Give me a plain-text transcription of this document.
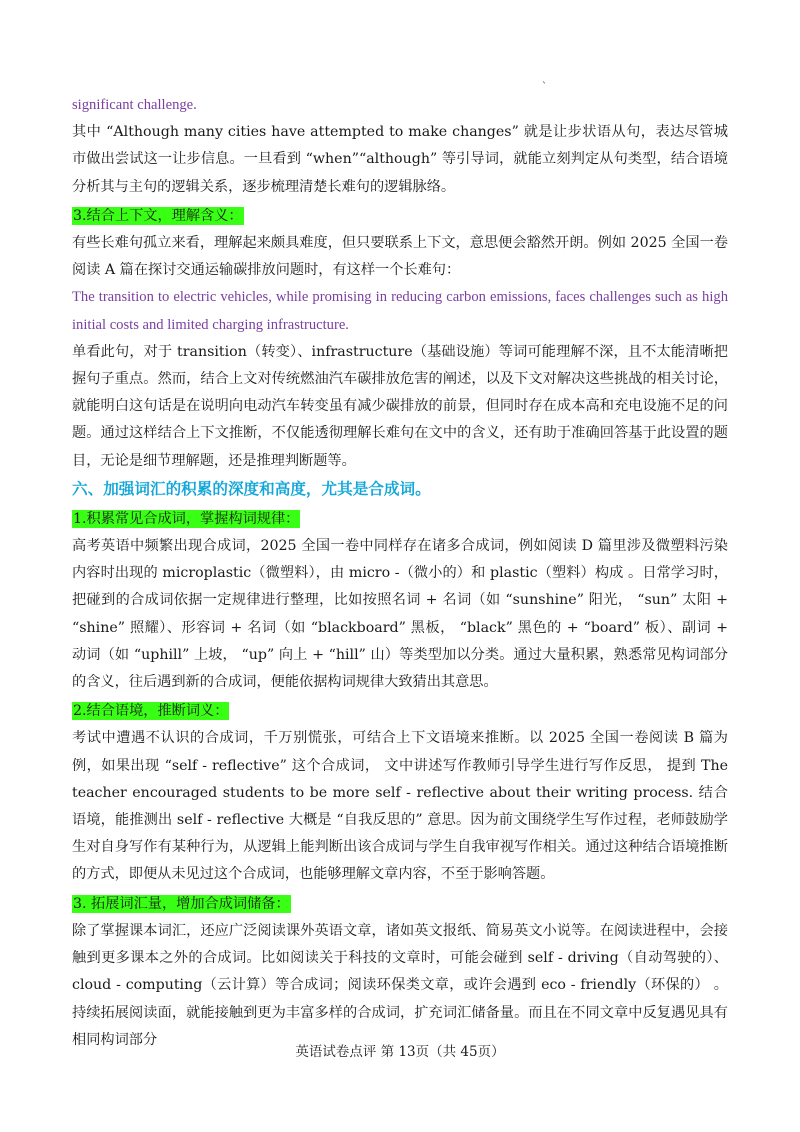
`

significant challenge.

其中 “Although many cities have attempted to make changes” 就是让步状语从句，表达尽管城市做出尝试这一让步信息。一旦看到 “when”“although” 等引导词，就能立刻判定从句类型，结合语境分析其与主句的逻辑关系，逐步梳理清楚长难句的逻辑脉络。

3.结合上下文，理解含义：

有些长难句孤立来看，理解起来颇具难度，但只要联系上下文，意思便会豁然开朗。例如 2025 全国一卷阅读 A 篇在探讨交通运输碳排放问题时，有这样一个长难句：

The transition to electric vehicles, while promising in reducing carbon emissions, faces challenges such as high initial costs and limited charging infrastructure.

单看此句，对于 transition（转变）、infrastructure（基础设施）等词可能理解不深，且不太能清晰把握句子重点。然而，结合上文对传统燃油汽车碳排放危害的阐述，以及下文对解决这些挑战的相关讨论，就能明白这句话是在说明向电动汽车转变虽有减少碳排放的前景，但同时存在成本高和充电设施不足的问题。通过这样结合上下文推断，不仅能透彻理解长难句在文中的含义，还有助于准确回答基于此设置的题目，无论是细节理解题，还是推理判断题等。

六、加强词汇的积累的深度和高度，尤其是合成词。
1.积累常见合成词，掌握构词规律：

高考英语中频繁出现合成词，2025 全国一卷中同样存在诸多合成词，例如阅读 D 篇里涉及微塑料污染内容时出现的 microplastic（微塑料），由 micro -（微小的）和 plastic（塑料）构成 。日常学习时，把碰到的合成词依据一定规律进行整理，比如按照名词 + 名词（如 “sunshine” 阳光， “sun” 太阳 + “shine” 照耀）、形容词 + 名词（如 “blackboard” 黑板， “black” 黑色的 + “board” 板）、副词 + 动词（如 “uphill” 上坡， “up” 向上 + “hill” 山）等类型加以分类。通过大量积累，熟悉常见构词部分的含义，往后遇到新的合成词，便能依据构词规律大致猜出其意思。

2.结合语境，推断词义：

考试中遭遇不认识的合成词，千万别慌张，可结合上下文语境来推断。以 2025 全国一卷阅读 B 篇为例，如果出现 “self - reflective” 这个合成词， 文中讲述写作教师引导学生进行写作反思， 提到 The teacher encouraged students to be more self - reflective about their writing process. 结合语境，能推测出 self - reflective 大概是 “自我反思的” 意思。因为前文围绕学生写作过程，老师鼓励学生对自身写作有某种行为，从逻辑上能判断出该合成词与学生自我审视写作相关。通过这种结合语境推断的方式，即便从未见过这个合成词，也能够理解文章内容，不至于影响答题。

3. 拓展词汇量，增加合成词储备：

除了掌握课本词汇，还应广泛阅读课外英语文章，诸如英文报纸、简易英文小说等。在阅读进程中，会接触到更多课本之外的合成词。比如阅读关于科技的文章时，可能会碰到 self - driving（自动驾驶的）、cloud - computing（云计算）等合成词；阅读环保类文章，或许会遇到 eco - friendly（环保的） 。持续拓展阅读面，就能接触到更为丰富多样的合成词，扩充词汇储备量。而且在不同文章中反复遇见具有相同构词部分

英语试卷点评 第 13页（共 45页）
